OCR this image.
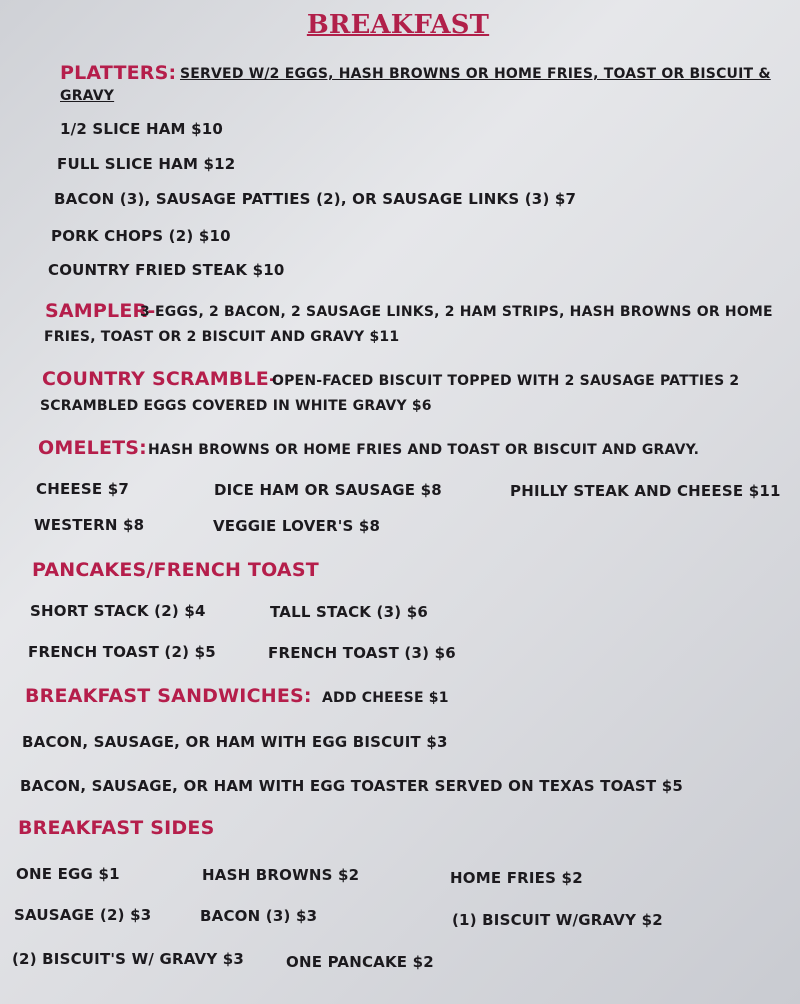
BREAKFAST
PLATTERS: SERVED W/2 EGGS, HASH BROWNS OR HOME FRIES, TOAST OR BISCUIT &
GRAVY
1/2 SLICE HAM $10
FULL SLICE HAM $12
BACON (3), SAUSAGE PATTIES (2), OR SAUSAGE LINKS (3) $7
PORK CHOPS (2) $10
COUNTRY FRIED STEAK $10
SAMPLER-
3 EGGS, 2 BACON, 2 SAUSAGE LINKS, 2 HAM STRIPS, HASH BROWNS OR HOME
FRIES, TOAST OR 2 BISCUIT AND GRAVY $11
COUNTRY SCRAMBLE-
OPEN-FACED BISCUIT TOPPED WITH 2 SAUSAGE PATTIES 2
SCRAMBLED EGGS COVERED IN WHITE GRAVY $6
OMELETS: HASH BROWNS OR HOME FRIES AND TOAST OR BISCUIT AND GRAVY.
CHEESE $7	DICE HAM OR SAUSAGE $8	PHILLY STEAK AND CHEESE $11
WESTERN $8	VEGGIE LOVER'S $8
PANCAKES/FRENCH TOAST
SHORT STACK (2) $4	TALL STACK (3) $6
FRENCH TOAST (2) $5	FRENCH TOAST (3) $6
BREAKFAST SANDWICHES: ADD CHEESE $1
BACON, SAUSAGE, OR HAM WITH EGG BISCUIT $3
BACON, SAUSAGE, OR HAM WITH EGG TOASTER SERVED ON TEXAS TOAST $5
BREAKFAST SIDES
ONE EGG $1	HASH BROWNS $2	HOME FRIES $2
SAUSAGE (2) $3	BACON (3) $3	(1) BISCUIT W/GRAVY $2
(2) BISCUIT'S W/ GRAVY $3	ONE PANCAKE $2
